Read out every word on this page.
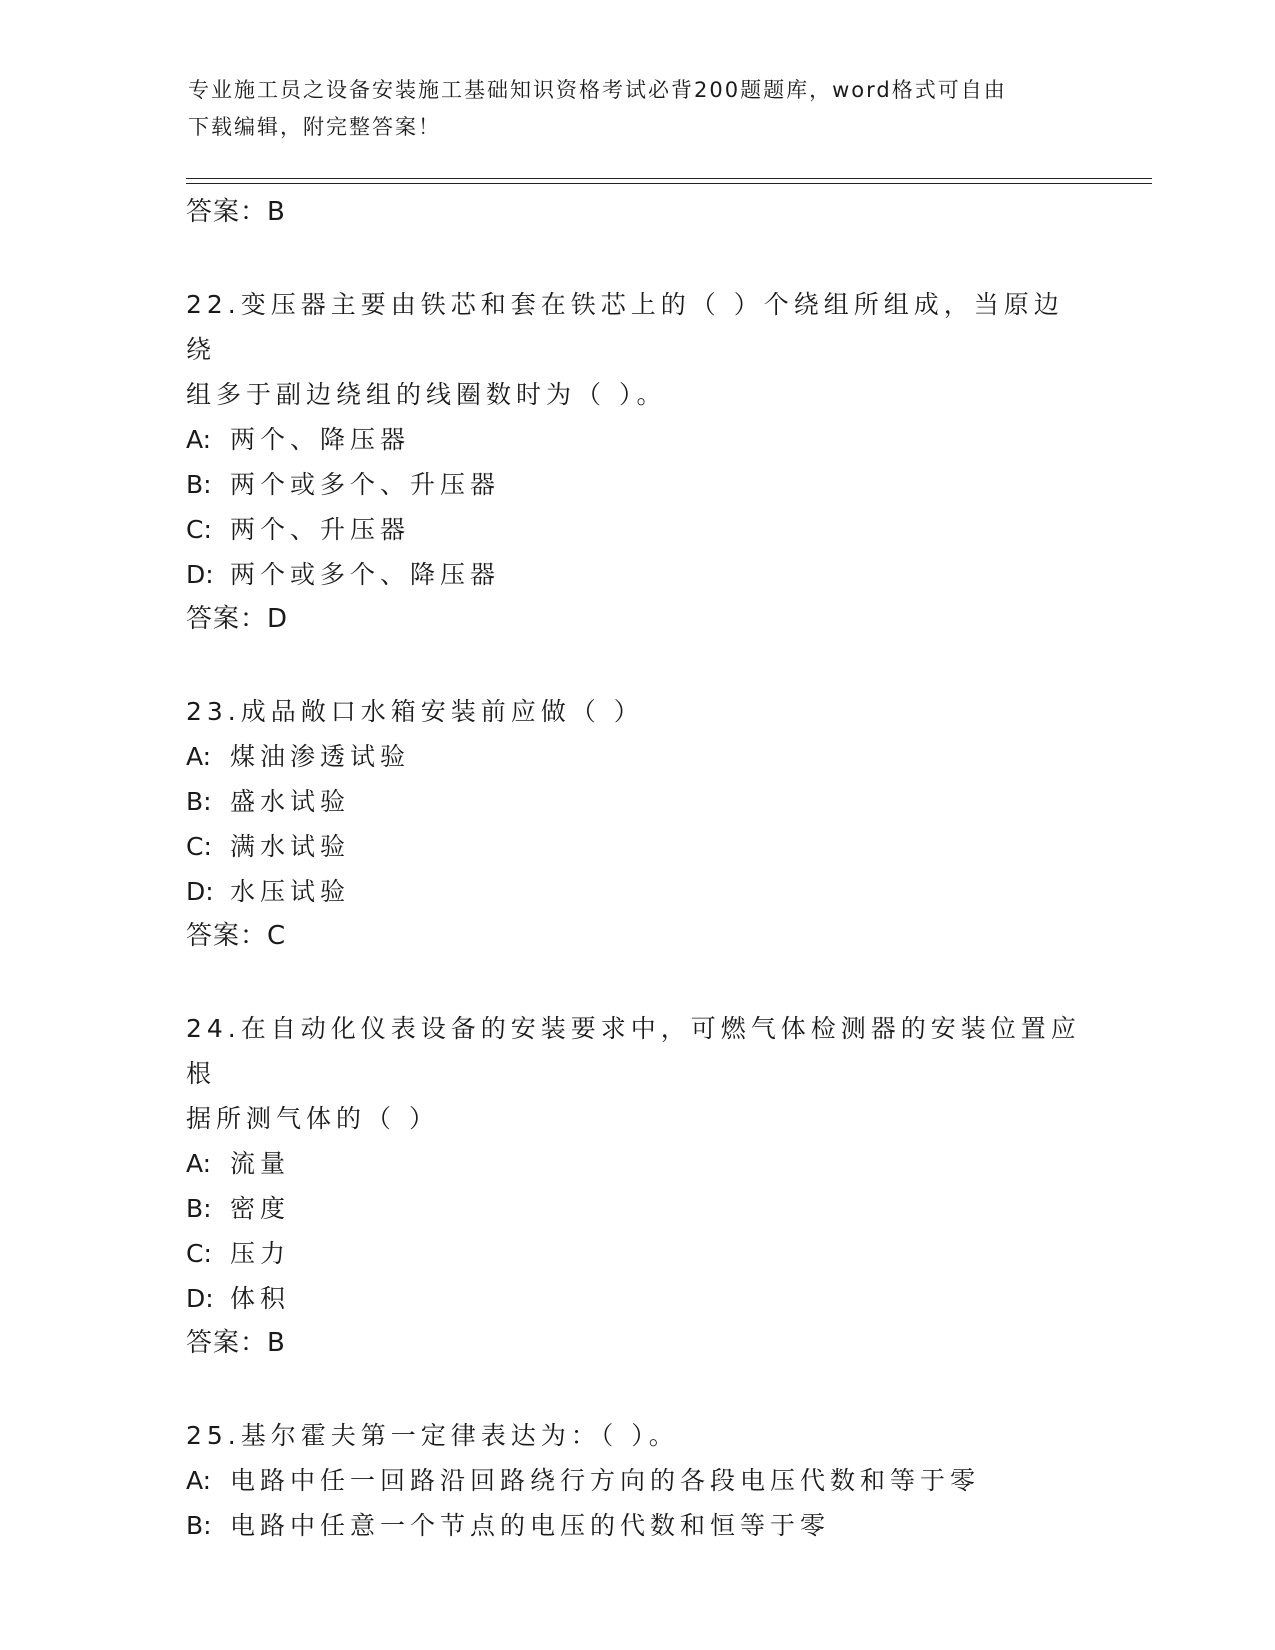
专业施工员之设备安装施工基础知识资格考试必背200题题库，word格式可自由
下载编辑，附完整答案！
答案：B
22.变压器主要由铁芯和套在铁芯上的（ ）个绕组所组成，当原边绕
组多于副边绕组的线圈数时为（ ）。
A: 两个、降压器
B: 两个或多个、升压器
C: 两个、升压器
D: 两个或多个、降压器
答案：D
23.成品敞口水箱安装前应做（ ）
A: 煤油渗透试验
B: 盛水试验
C: 满水试验
D: 水压试验
答案：C
24.在自动化仪表设备的安装要求中，可燃气体检测器的安装位置应根
据所测气体的（ ）
A: 流量
B: 密度
C: 压力
D: 体积
答案：B
25.基尔霍夫第一定律表达为：（ ）。
A: 电路中任一回路沿回路绕行方向的各段电压代数和等于零
B: 电路中任意一个节点的电压的代数和恒等于零
